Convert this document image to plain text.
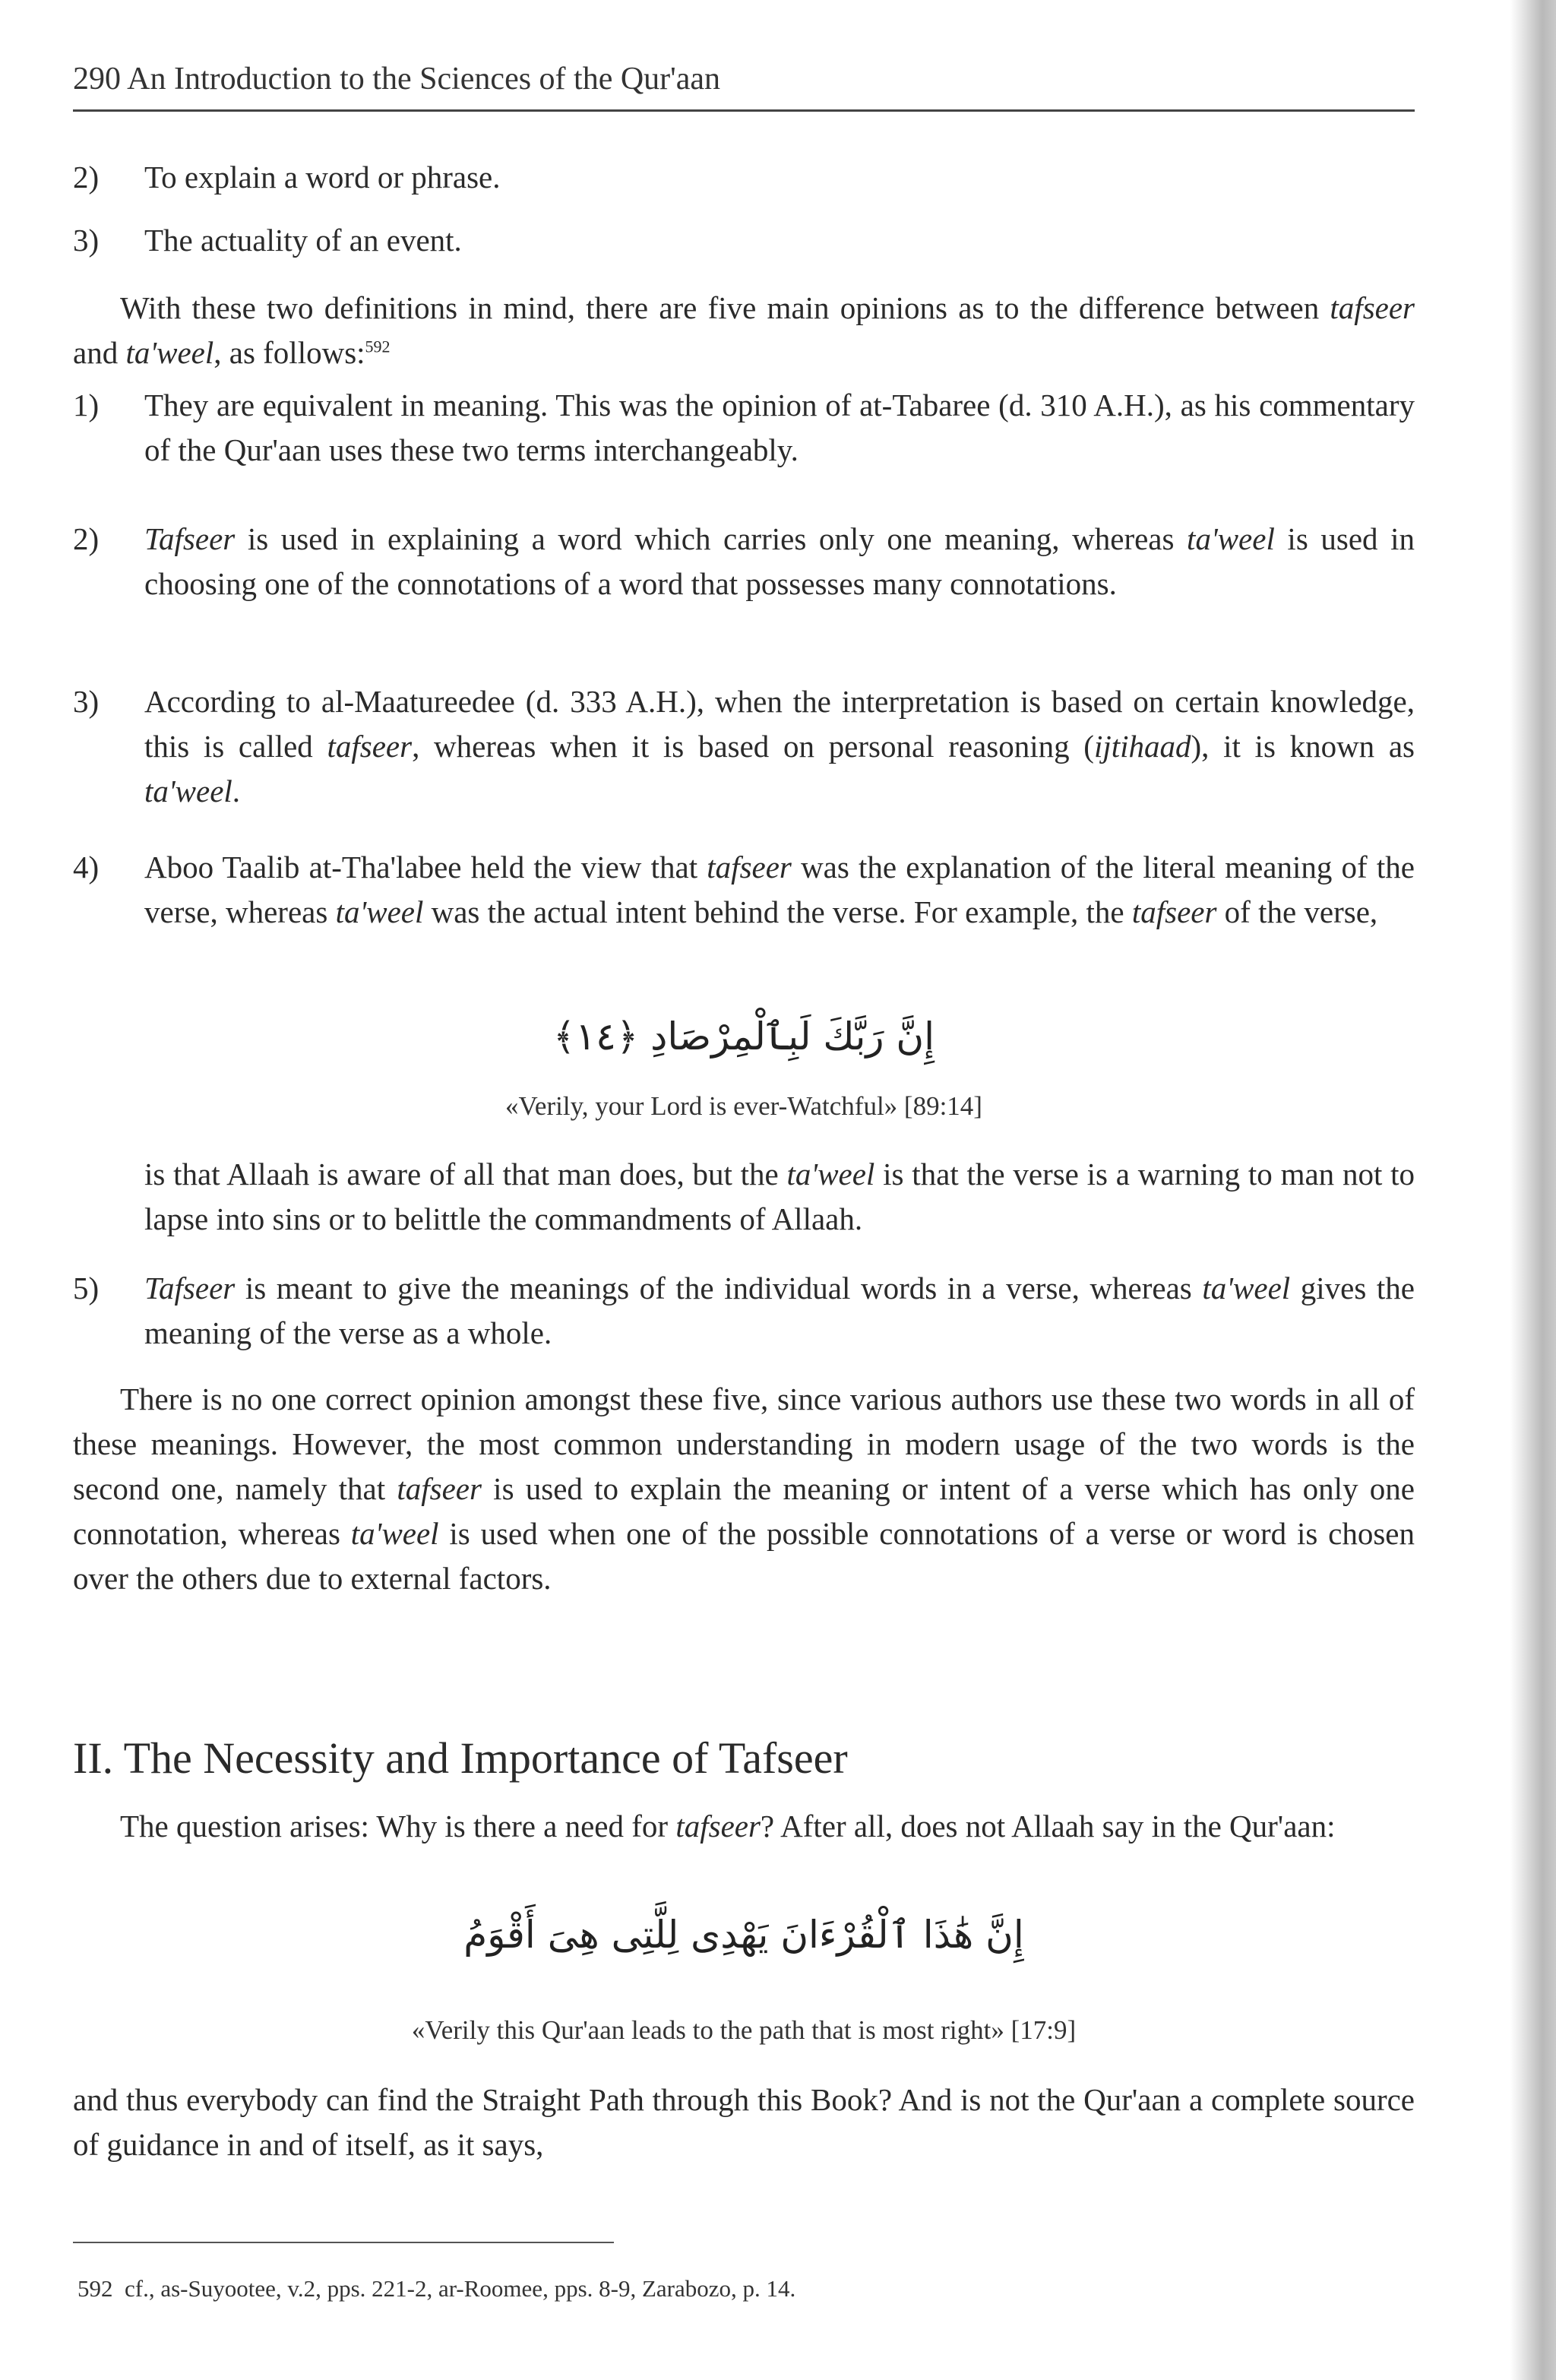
290 An Introduction to the Sciences of the Qur'aan
2)	To explain a word or phrase.
3)	The actuality of an event.

With these two definitions in mind, there are five main opinions as to the difference between tafseer and ta'weel, as follows:$^{592}$

1)	They are equivalent in meaning. This was the opinion of at-Tabaree (d. 310 A.H.), as his commentary of the Qur'aan uses these two terms interchangeably.
2)	Tafseer is used in explaining a word which carries only one meaning, whereas ta'weel is used in choosing one of the connotations of a word that possesses many connotations.
3)	According to al-Maatureedee (d. 333 A.H.), when the interpretation is based on certain knowledge, this is called tafseer, whereas when it is based on personal reasoning (ijtihaad), it is known as ta'weel.
4)	Aboo Taalib at-Tha'labee held the view that tafseer was the explanation of the literal meaning of the verse, whereas ta'weel was the actual intent behind the verse. For example, the tafseer of the verse,
إِنَّ رَبَّكَ لَبِٱلْمِرْصَادِ ﴿١٤﴾
«Verily, your Lord is ever-Watchful» [89:14]

is that Allaah is aware of all that man does, but the ta'weel is that the verse is a warning to man not to lapse into sins or to belittle the commandments of Allaah.

5)	Tafseer is meant to give the meanings of the individual words in a verse, whereas ta'weel gives the meaning of the verse as a whole.

There is no one correct opinion amongst these five, since various authors use these two words in all of these meanings. However, the most common understanding in modern usage of the two words is the second one, namely that tafseer is used to explain the meaning or intent of a verse which has only one connotation, whereas ta'weel is used when one of the possible connotations of a verse or word is chosen over the others due to external factors.

II. The Necessity and Importance of Tafseer

The question arises: Why is there a need for tafseer? After all, does not Allaah say in the Qur'aan:

إِنَّ هَٰذَا ٱلْقُرْءَانَ يَهْدِى لِلَّتِى هِىَ أَقْوَمُ
«Verily this Qur'aan leads to the path that is most right» [17:9]

and thus everybody can find the Straight Path through this Book? And is not the Qur'aan a complete source of guidance in and of itself, as it says,

592 cf., as-Suyootee, v.2, pps. 221-2, ar-Roomee, pps. 8-9, Zarabozo, p. 14.
